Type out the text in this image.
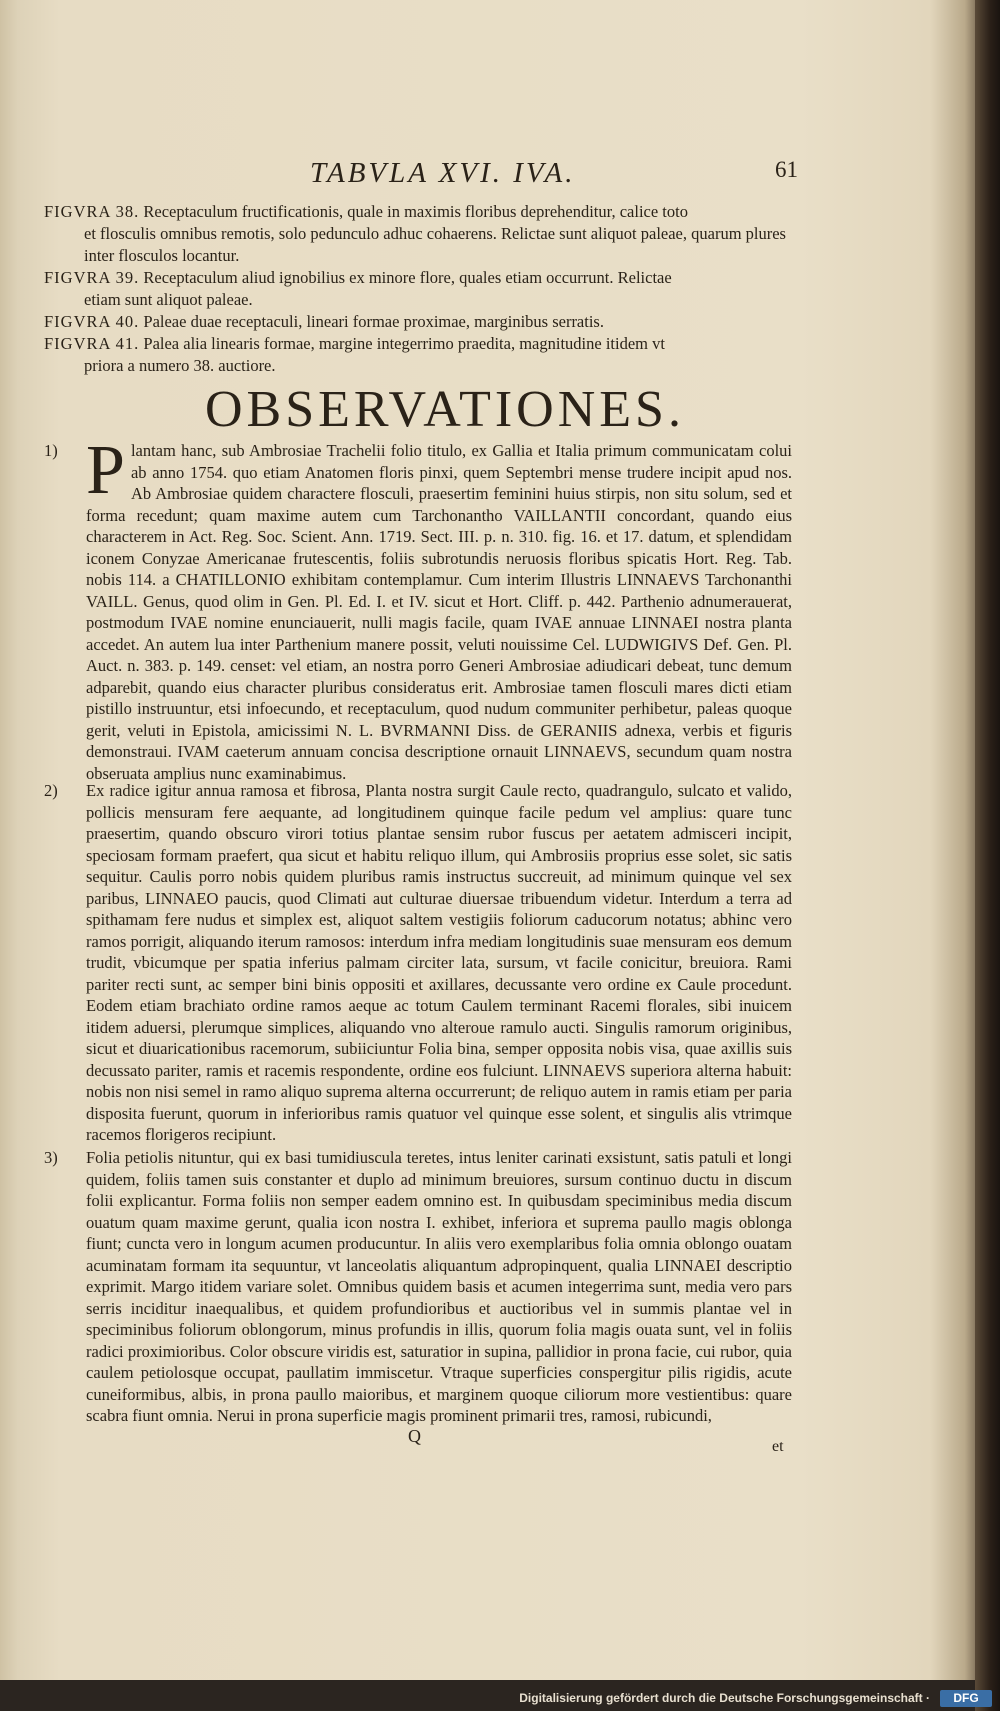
TABVLA XVI. IVA.	61
FIGVRA 38. Receptaculum fructificationis, quale in maximis floribus deprehenditur, calice toto
et flosculis omnibus remotis, solo pedunculo adhuc cohaerens. Relictae sunt aliquot paleae, quarum plures inter flosculos locantur.
FIGVRA 39. Receptaculum aliud ignobilius ex minore flore, quales etiam occurrunt. Relictae
etiam sunt aliquot paleae.
FIGVRA 40. Paleae duae receptaculi, lineari formae proximae, marginibus serratis.
FIGVRA 41. Palea alia linearis formae, margine integerrimo praedita, magnitudine itidem vt
priora a numero 38. auctiore.
OBSERVATIONES.
1) P lantam hanc, sub Ambrosiae Trachelii folio titulo, ex Gallia et Italia primum communicatam colui ab anno 1754. quo etiam Anatomen floris pinxi, quem Septembri mense trudere incipit apud nos. Ab Ambrosiae quidem charactere flosculi, praesertim feminini huius stirpis, non situ solum, sed et forma recedunt; quam maxime autem cum Tarchonantho VAILLANTII concordant, quando eius characterem in Act. Reg. Soc. Scient. Ann. 1719. Sect. III. p. n. 310. fig. 16. et 17. datum, et splendidam iconem Conyzae Americanae frutescentis, foliis subrotundis neruosis floribus spicatis Hort. Reg. Tab. nobis 114. a CHATILLONIO exhibitam contemplamur. Cum interim Illustris LINNAEVS Tarchonanthi VAILL. Genus, quod olim in Gen. Pl. Ed. I. et IV. sicut et Hort. Cliff. p. 442. Parthenio adnumerauerat, postmodum IVAE nomine enunciauerit, nulli magis facile, quam IVAE annuae LINNAEI nostra planta accedet. An autem lua inter Parthenium manere possit, veluti nouissime Cel. LUDWIGIVS Def. Gen. Pl. Auct. n. 383. p. 149. censet: vel etiam, an nostra porro Generi Ambrosiae adiudicari debeat, tunc demum adparebit, quando eius character pluribus consideratus erit. Ambrosiae tamen flosculi mares dicti etiam pistillo instruuntur, etsi infoecundo, et receptaculum, quod nudum communiter perhibetur, paleas quoque gerit, veluti in Epistola, amicissimi N. L. BVRMANNI Diss. de GERANIIS adnexa, verbis et figuris demonstraui. IVAM caeterum annuam concisa descriptione ornauit LINNAEVS, secundum quam nostra obseruata amplius nunc examinabimus.
2) Ex radice igitur annua ramosa et fibrosa, Planta nostra surgit Caule recto, quadrangulo, sulcato et valido, pollicis mensuram fere aequante, ad longitudinem quinque facile pedum vel amplius: quare tunc praesertim, quando obscuro virori totius plantae sensim rubor fuscus per aetatem admisceri incipit, speciosam formam praefert, qua sicut et habitu reliquo illum, qui Ambrosiis proprius esse solet, sic satis sequitur. Caulis porro nobis quidem pluribus ramis instructus succreuit, ad minimum quinque vel sex paribus, LINNAEO paucis, quod Climati aut culturae diuersae tribuendum videtur. Interdum a terra ad spithamam fere nudus et simplex est, aliquot saltem vestigiis foliorum caducorum notatus; abhinc vero ramos porrigit, aliquando iterum ramosos: interdum infra mediam longitudinis suae mensuram eos demum trudit, vbicumque per spatia inferius palmam circiter lata, sursum, vt facile conicitur, breuiora. Rami pariter recti sunt, ac semper bini binis oppositi et axillares, decussante vero ordine ex Caule procedunt. Eodem etiam brachiato ordine ramos aeque ac totum Caulem terminant Racemi florales, sibi inuicem itidem aduersi, plerumque simplices, aliquando vno alteroue ramulo aucti. Singulis ramorum originibus, sicut et diuaricationibus racemorum, subiiciuntur Folia bina, semper opposita nobis visa, quae axillis suis decussato pariter, ramis et racemis respondente, ordine eos fulciunt. LINNAEVS superiora alterna habuit: nobis non nisi semel in ramo aliquo suprema alterna occurrerunt; de reliquo autem in ramis etiam per paria disposita fuerunt, quorum in inferioribus ramis quatuor vel quinque esse solent, et singulis alis vtrimque racemos florigeros recipiunt.
3) Folia petiolis nituntur, qui ex basi tumidiuscula teretes, intus leniter carinati exsistunt, satis patuli et longi quidem, foliis tamen suis constanter et duplo ad minimum breuiores, sursum continuo ductu in discum folii explicantur. Forma foliis non semper eadem omnino est. In quibusdam speciminibus media discum ouatum quam maxime gerunt, qualia icon nostra I. exhibet, inferiora et suprema paullo magis oblonga fiunt; cuncta vero in longum acumen producuntur. In aliis vero exemplaribus folia omnia oblongo ouatam acuminatam formam ita sequuntur, vt lanceolatis aliquantum adpropinquent, qualia LINNAEI descriptio exprimit. Margo itidem variare solet. Omnibus quidem basis et acumen integerrima sunt, media vero pars serris inciditur inaequalibus, et quidem profundioribus et auctioribus vel in summis plantae vel in speciminibus foliorum oblongorum, minus profundis in illis, quorum folia magis ouata sunt, vel in foliis radici proximioribus. Color obscure viridis est, saturatior in supina, pallidior in prona facie, cui rubor, quia caulem petiolosque occupat, paullatim immiscetur. Vtraque superficies conspergitur pilis rigidis, acute cuneiformibus, albis, in prona paullo maioribus, et marginem quoque ciliorum more vestientibus: quare scabra fiunt omnia. Nerui in prona superficie magis prominent primarii tres, ramosi, rubicundi,
Q
et
Digitalisierung gefördert durch die Deutsche Forschungsgemeinschaft ·	DFG
